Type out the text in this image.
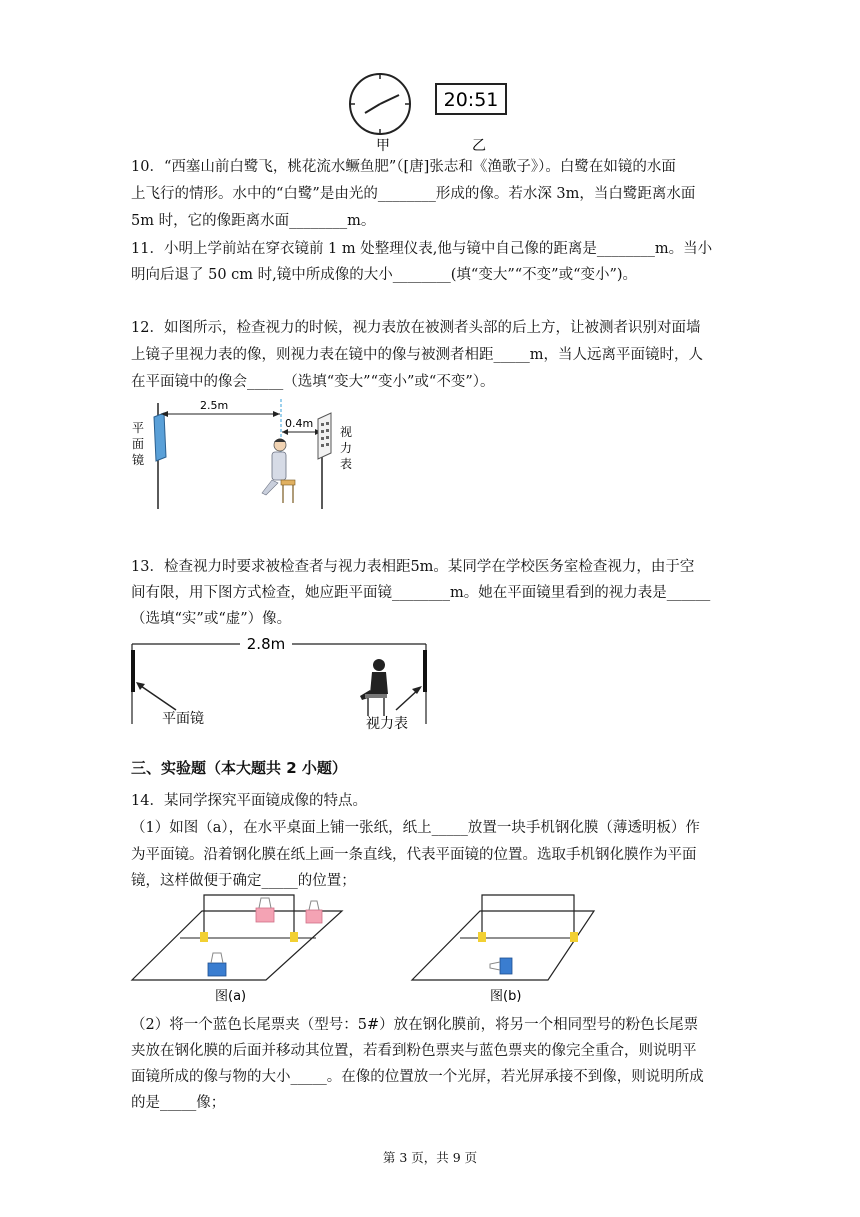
甲
20:51
乙
10．“西塞山前白鹭飞，桃花流水鳜鱼肥”（[唐]张志和《渔歌子》）。白鹭在如镜的水面
上飞行的情形。水中的“白鹭”是由光的________形成的像。若水深 3m，当白鹭距离水面
5m 时，它的像距离水面________m。
11．小明上学前站在穿衣镜前 1 m 处整理仪表,他与镜中自己像的距离是________m。当小
明向后退了 50 cm 时,镜中所成像的大小________(填“变大”“不变”或“变小”)。
12．如图所示，检查视力的时候，视力表放在被测者头部的后上方，让被测者识别对面墙
上镜子里视力表的像，则视力表在镜中的像与被测者相距_____m，当人远离平面镜时，人
在平面镜中的像会_____（选填“变大”“变小”或“不变”）。
平
面
镜
2.5m
0.4m
视
力
表
13．检查视力时要求被检查者与视力表相距5m。某同学在学校医务室检查视力，由于空
间有限，用下图方式检查，她应距平面镜________m。她在平面镜里看到的视力表是______
（选填“实”或“虚”）像。
2.8m
平面镜	视力表
三、实验题（本大题共 2 小题）
14．某同学探究平面镜成像的特点。
（1）如图（a），在水平桌面上铺一张纸，纸上_____放置一块手机钢化膜（薄透明板）作
为平面镜。沿着钢化膜在纸上画一条直线，代表平面镜的位置。选取手机钢化膜作为平面
镜，这样做便于确定_____的位置；
图(a)	图(b)
（2）将一个蓝色长尾票夹（型号：5#）放在钢化膜前，将另一个相同型号的粉色长尾票
夹放在钢化膜的后面并移动其位置，若看到粉色票夹与蓝色票夹的像完全重合，则说明平
面镜所成的像与物的大小_____。在像的位置放一个光屏，若光屏承接不到像，则说明所成
的是_____像；
第 3 页，共 9 页
